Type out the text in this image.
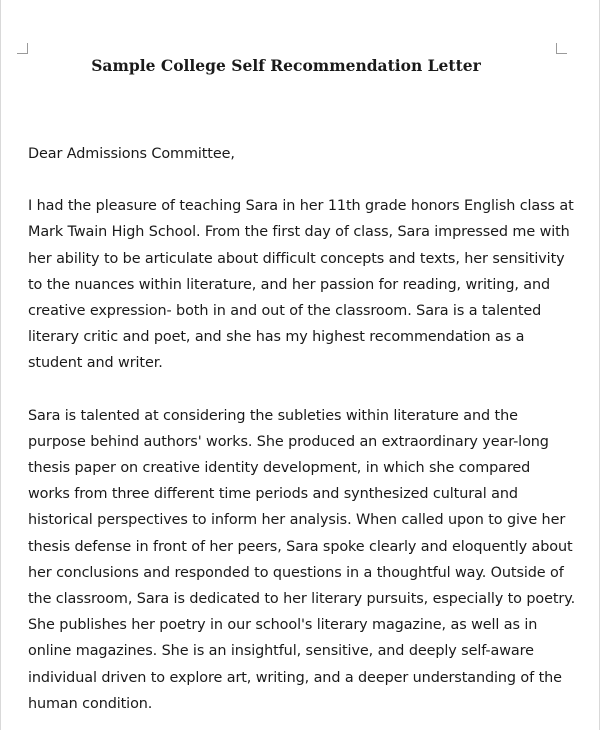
Sample College Self Recommendation Letter

Dear Admissions Committee,

I had the pleasure of teaching Sara in her 11th grade honors English class at Mark Twain High School. From the first day of class, Sara impressed me with her ability to be articulate about difficult concepts and texts, her sensitivity to the nuances within literature, and her passion for reading, writing, and creative expression- both in and out of the classroom. Sara is a talented literary critic and poet, and she has my highest recommendation as a student and writer.

Sara is talented at considering the subleties within literature and the purpose behind authors' works. She produced an extraordinary year-long thesis paper on creative identity development, in which she compared works from three different time periods and synthesized cultural and historical perspectives to inform her analysis. When called upon to give her thesis defense in front of her peers, Sara spoke clearly and eloquently about her conclusions and responded to questions in a thoughtful way. Outside of the classroom, Sara is dedicated to her literary pursuits, especially to poetry. She publishes her poetry in our school's literary magazine, as well as in online magazines. She is an insightful, sensitive, and deeply self-aware individual driven to explore art, writing, and a deeper understanding of the human condition.
